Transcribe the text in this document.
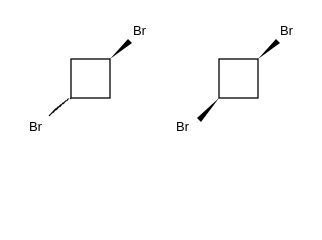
Br
Br
Br
Br
